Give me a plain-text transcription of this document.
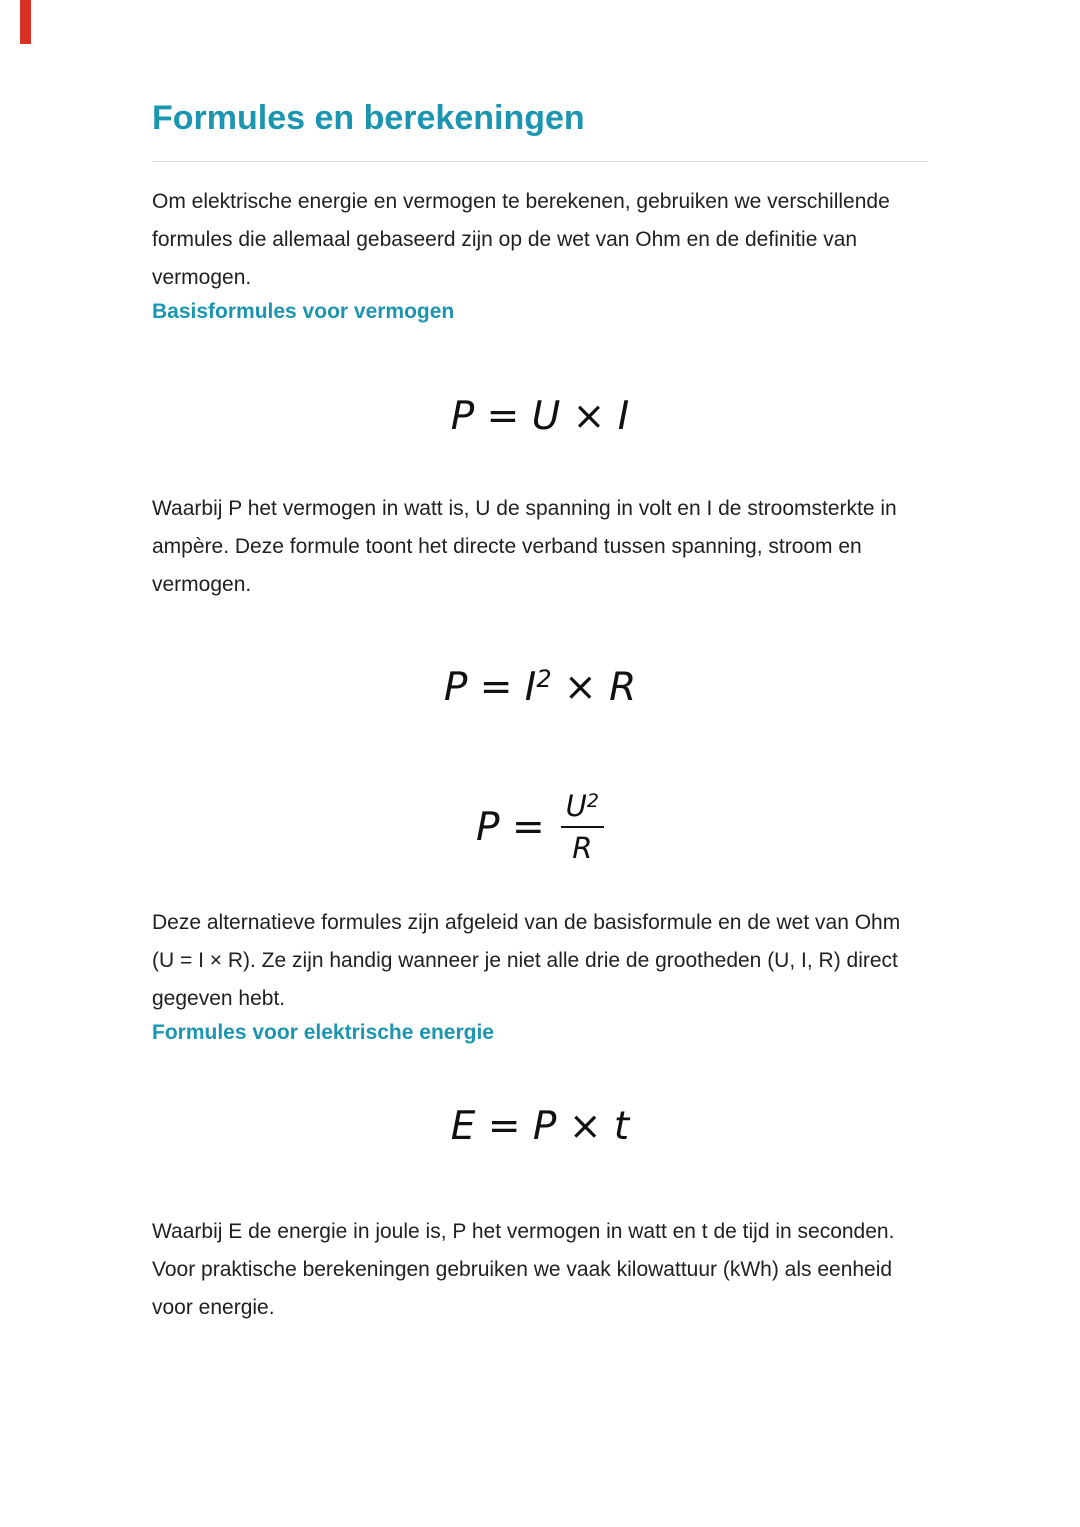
Formules en berekeningen
Om elektrische energie en vermogen te berekenen, gebruiken we verschillende
formules die allemaal gebaseerd zijn op de wet van Ohm en de definitie van
vermogen.
Basisformules voor vermogen
P = U × I
Waarbij P het vermogen in watt is, U de spanning in volt en I de stroomsterkte in
ampère. Deze formule toont het directe verband tussen spanning, stroom en
vermogen.
$P = I^2 \times R$
$P = \frac{U^2}{R}$
Deze alternatieve formules zijn afgeleid van de basisformule en de wet van Ohm
(U = I × R). Ze zijn handig wanneer je niet alle drie de grootheden (U, I, R) direct
gegeven hebt.
Formules voor elektrische energie
E = P × t
Waarbij E de energie in joule is, P het vermogen in watt en t de tijd in seconden.
Voor praktische berekeningen gebruiken we vaak kilowattuur (kWh) als eenheid
voor energie.
